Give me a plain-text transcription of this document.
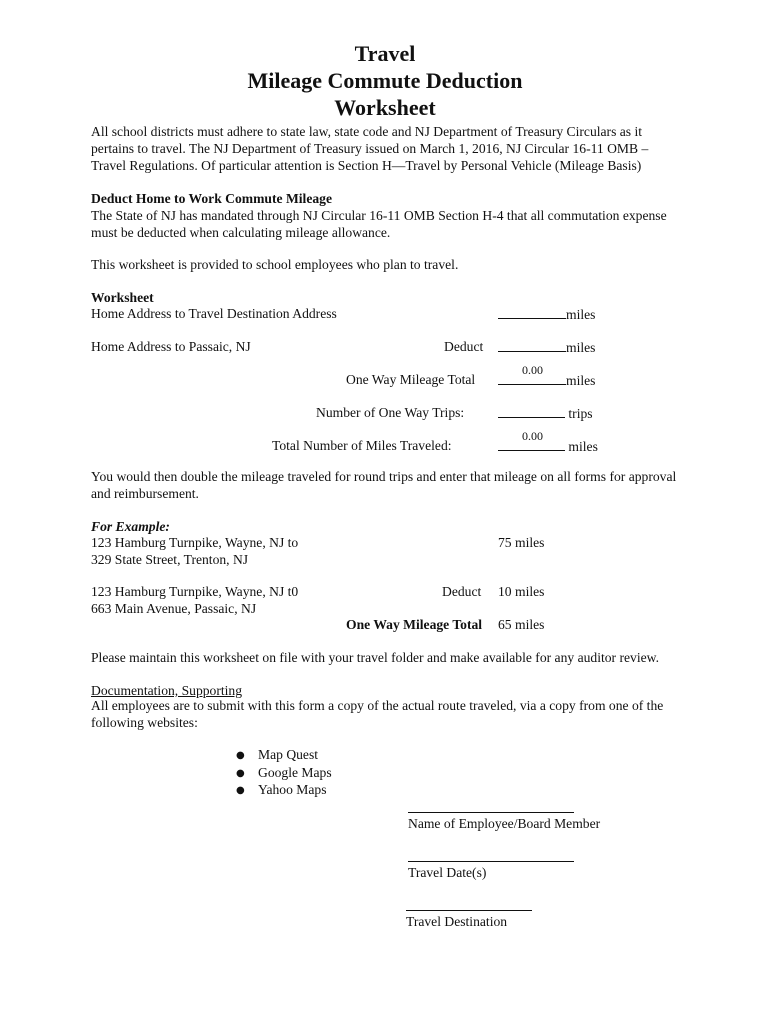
Travel
Mileage Commute Deduction
Worksheet
All school districts must adhere to state law, state code and NJ Department of Treasury Circulars as it
pertains to travel. The NJ Department of Treasury issued on March 1, 2016, NJ Circular 16-11 OMB –
Travel Regulations. Of particular attention is Section H—Travel by Personal Vehicle (Mileage Basis)
Deduct Home to Work Commute Mileage
The State of NJ has mandated through NJ Circular 16-11 OMB Section H-4 that all commutation expense
must be deducted when calculating mileage allowance.
This worksheet is provided to school employees who plan to travel.
Worksheet
Home Address to Travel Destination Address	miles
Home Address to Passaic, NJ	Deduct	miles
0.00
One Way Mileage Total	miles
Number of One Way Trips:	trips
0.00
Total Number of Miles Traveled:	miles
You would then double the mileage traveled for round trips and enter that mileage on all forms for approval
and reimbursement.
For Example:
123 Hamburg Turnpike, Wayne, NJ to
329 State Street, Trenton, NJ
75 miles
123 Hamburg Turnpike, Wayne, NJ t0
663 Main Avenue, Passaic, NJ
Deduct 10 miles
One Way Mileage Total 65 miles
Please maintain this worksheet on file with your travel folder and make available for any auditor review.
Documentation, Supporting
All employees are to submit with this form a copy of the actual route traveled, via a copy from one of the
following websites:
● Map Quest
● Google Maps
● Yahoo Maps
Name of Employee/Board Member
Travel Date(s)
Travel Destination
